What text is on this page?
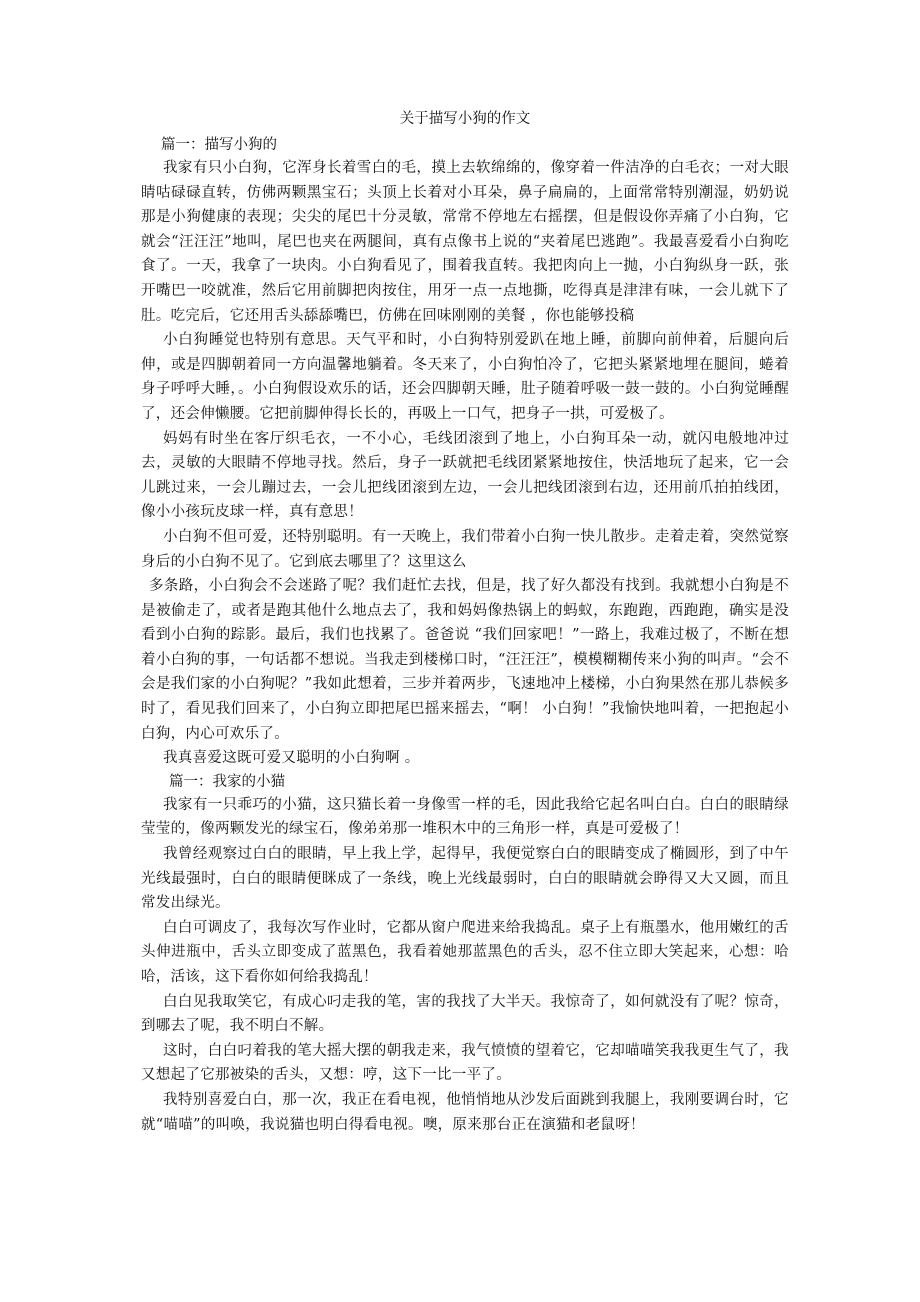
关于描写小狗的作文

篇一：描写小狗的

我家有只小白狗，它浑身长着雪白的毛，摸上去软绵绵的，像穿着一件洁净的白毛衣；一对大眼睛咕碌碌直转，仿佛两颗黑宝石；头顶上长着对小耳朵，鼻子扁扁的，上面常常特别潮湿，奶奶说那是小狗健康的表现；尖尖的尾巴十分灵敏，常常不停地左右摇摆，但是假设你弄痛了小白狗，它就会“汪汪汪”地叫，尾巴也夹在两腿间，真有点像书上说的“夹着尾巴逃跑”。我最喜爱看小白狗吃食了。一天，我拿了一块肉。小白狗看见了，围着我直转。我把肉向上一抛，小白狗纵身一跃，张开嘴巴一咬就准，然后它用前脚把肉按住，用牙一点一点地撕，吃得真是津津有味，一会儿就下了肚。吃完后，它还用舌头舔舔嘴巴，仿佛在回味刚刚的美餐 ，你也能够投稿

小白狗睡觉也特别有意思。天气平和时，小白狗特别爱趴在地上睡，前脚向前伸着，后腿向后伸，或是四脚朝着同一方向温馨地躺着。冬天来了，小白狗怕冷了，它把头紧紧地埋在腿间，蜷着身子呼呼大睡，。小白狗假设欢乐的话，还会四脚朝天睡，肚子随着呼吸一鼓一鼓的。小白狗觉睡醒了，还会伸懒腰。它把前脚伸得长长的，再吸上一口气，把身子一拱，可爱极了。

妈妈有时坐在客厅织毛衣，一不小心，毛线团滚到了地上，小白狗耳朵一动，就闪电般地冲过去，灵敏的大眼睛不停地寻找。然后，身子一跃就把毛线团紧紧地按住，快活地玩了起来，它一会儿跳过来，一会儿蹦过去，一会儿把线团滚到左边，一会儿把线团滚到右边，还用前爪拍拍线团，像小小孩玩皮球一样，真有意思！

小白狗不但可爱，还特别聪明。有一天晚上，我们带着小白狗一快儿散步。走着走着，突然觉察身后的小白狗不见了。它到底去哪里了？这里这么

多条路，小白狗会不会迷路了呢？我们赶忙去找，但是，找了好久都没有找到。我就想小白狗是不是被偷走了，或者是跑其他什么地点去了，我和妈妈像热锅上的蚂蚁，东跑跑，西跑跑，确实是没看到小白狗的踪影。最后，我们也找累了。爸爸说 “我们回家吧！”一路上，我难过极了，不断在想着小白狗的事，一句话都不想说。当我走到楼梯口时，“汪汪汪”，模模糊糊传来小狗的叫声。“会不会是我们家的小白狗呢？”我如此想着，三步并着两步，飞速地冲上楼梯，小白狗果然在那儿恭候多时了，看见我们回来了，小白狗立即把尾巴摇来摇去，“啊！ 小白狗！”我愉快地叫着，一把抱起小白狗，内心可欢乐了。

我真喜爱这既可爱又聪明的小白狗啊 。

篇一：我家的小猫

我家有一只乖巧的小猫，这只猫长着一身像雪一样的毛，因此我给它起名叫白白。白白的眼睛绿莹莹的，像两颗发光的绿宝石，像弟弟那一堆积木中的三角形一样，真是可爱极了！

我曾经观察过白白的眼睛，早上我上学，起得早，我便觉察白白的眼睛变成了椭圆形，到了中午光线最强时，白白的眼睛便眯成了一条线，晚上光线最弱时，白白的眼睛就会睁得又大又圆，而且常发出绿光。

白白可调皮了，我每次写作业时，它都从窗户爬进来给我捣乱。桌子上有瓶墨水，他用嫩红的舌头伸进瓶中，舌头立即变成了蓝黑色，我看着她那蓝黑色的舌头，忍不住立即大笑起来，心想：哈哈，活该，这下看你如何给我捣乱！

白白见我取笑它，有成心叼走我的笔，害的我找了大半天。我惊奇了，如何就没有了呢？惊奇，到哪去了呢，我不明白不解。

这时，白白叼着我的笔大摇大摆的朝我走来，我气愤愤的望着它，它却喵喵笑我我更生气了，我又想起了它那被染的舌头，又想：哼，这下一比一平了。

我特别喜爱白白，那一次，我正在看电视，他悄悄地从沙发后面跳到我腿上，我刚要调台时，它就“喵喵”的叫唤，我说猫也明白得看电视。噢，原来那台正在演猫和老鼠呀！
